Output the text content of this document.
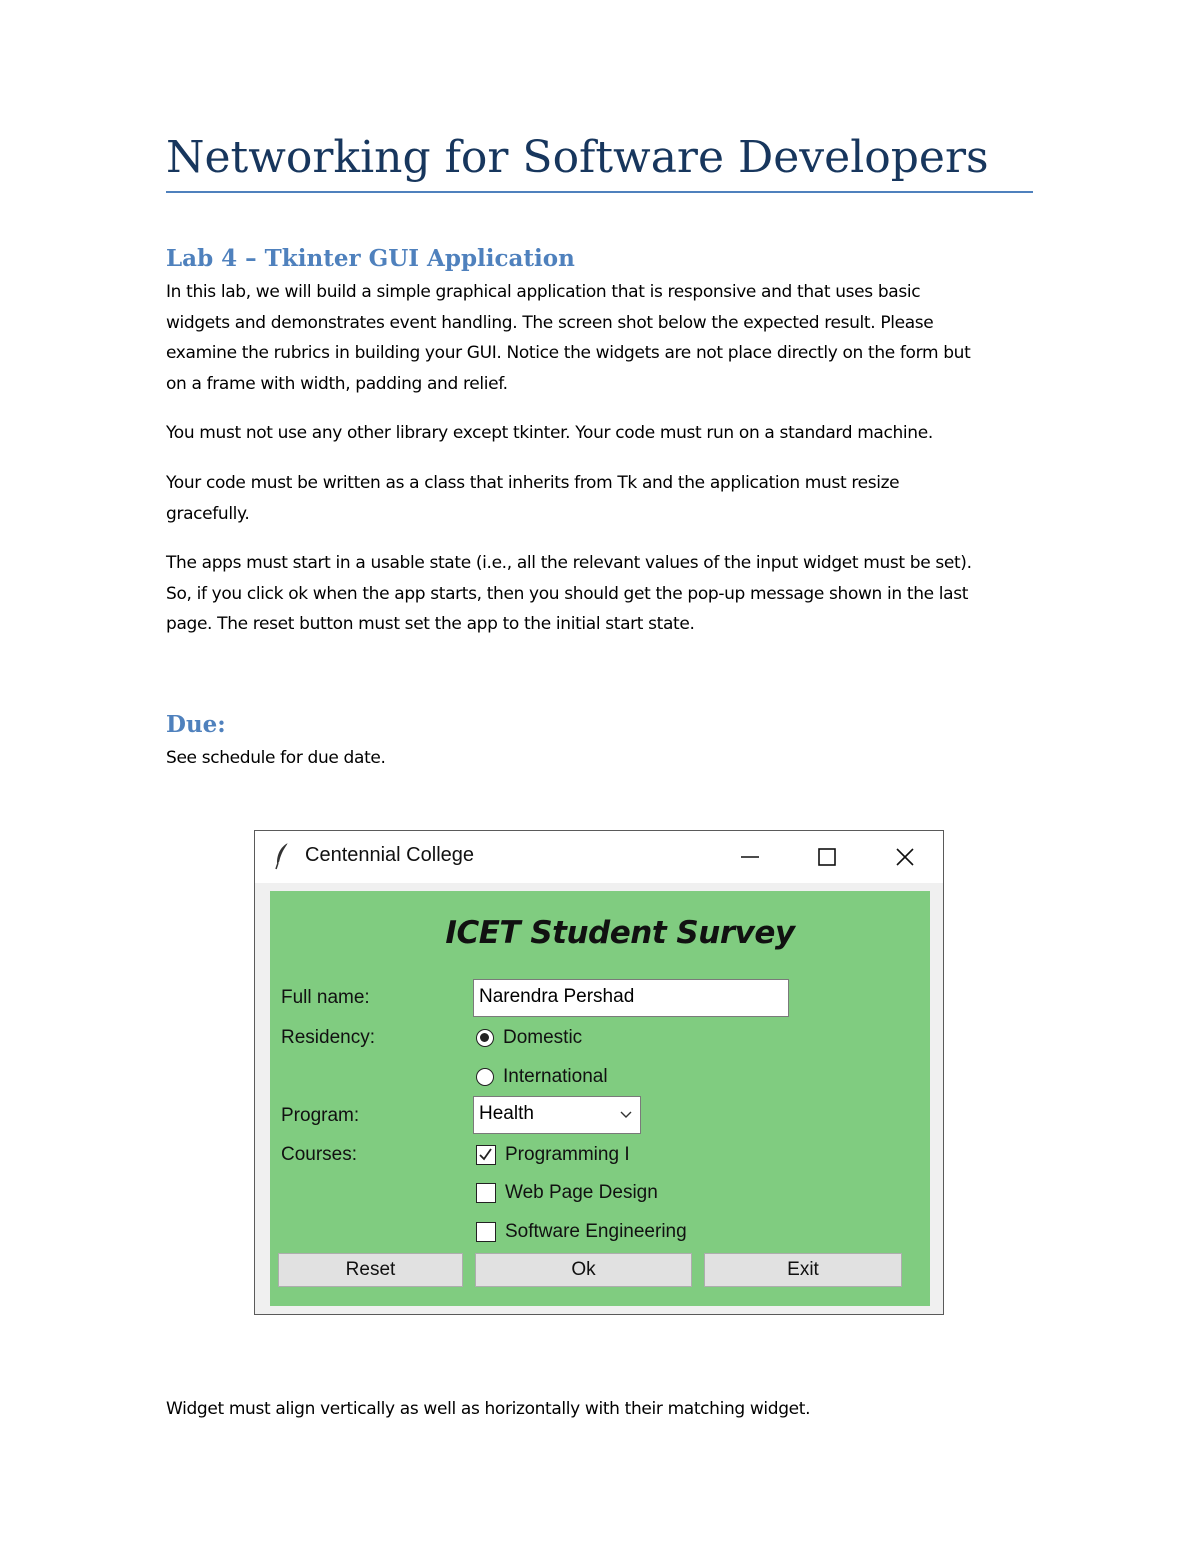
Networking for Software Developers
Lab 4 – Tkinter GUI Application
In this lab, we will build a simple graphical application that is responsive and that uses basic
widgets and demonstrates event handling. The screen shot below the expected result. Please
examine the rubrics in building your GUI. Notice the widgets are not place directly on the form but
on a frame with width, padding and relief.
You must not use any other library except tkinter. Your code must run on a standard machine.
Your code must be written as a class that inherits from Tk and the application must resize
gracefully.
The apps must start in a usable state (i.e., all the relevant values of the input widget must be set).
So, if you click ok when the app starts, then you should get the pop-up message shown in the last
page. The reset button must set the app to the initial start state.
Due:
See schedule for due date.
Centennial College
ICET Student Survey
Full name:	Narendra Pershad
Residency:	Domestic
International
Program:	Health
Courses:	Programming I
Web Page Design
Software Engineering
Reset	Ok	Exit
Widget must align vertically as well as horizontally with their matching widget.
